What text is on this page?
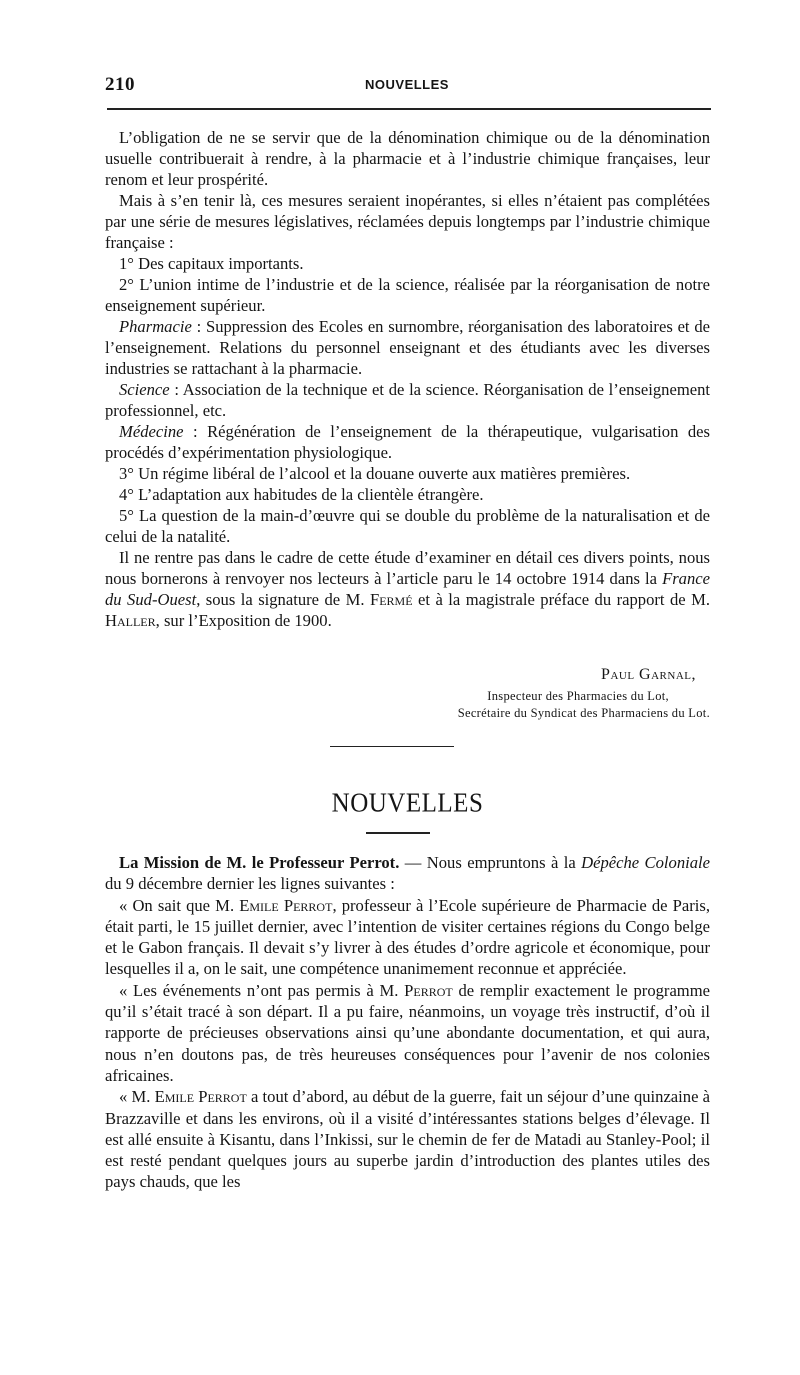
210	NOUVELLES

L’obligation de ne se servir que de la dénomination chimique ou de la dénomination usuelle contribuerait à rendre, à la pharmacie et à l’industrie chimique françaises, leur renom et leur prospérité.

Mais à s’en tenir là, ces mesures seraient inopérantes, si elles n’étaient pas complétées par une série de mesures législatives, réclamées depuis longtemps par l’industrie chimique française :

1° Des capitaux importants.

2° L’union intime de l’industrie et de la science, réalisée par la réorganisation de notre enseignement supérieur.

Pharmacie : Suppression des Ecoles en surnombre, réorganisation des laboratoires et de l’enseignement. Relations du personnel enseignant et des étudiants avec les diverses industries se rattachant à la pharmacie.

Science : Association de la technique et de la science. Réorganisation de l’enseignement professionnel, etc.

Médecine : Régénération de l’enseignement de la thérapeutique, vulgarisation des procédés d’expérimentation physiologique.

3° Un régime libéral de l’alcool et la douane ouverte aux matières premières.

4° L’adaptation aux habitudes de la clientèle étrangère.

5° La question de la main-d’œuvre qui se double du problème de la naturalisation et de celui de la natalité.

Il ne rentre pas dans le cadre de cette étude d’examiner en détail ces divers points, nous nous bornerons à renvoyer nos lecteurs à l’article paru le 14 octobre 1914 dans la France du Sud-Ouest, sous la signature de M. Fermé et à la magistrale préface du rapport de M. Haller, sur l’Exposition de 1900.

Paul Garnal,
Inspecteur des Pharmacies du Lot,
Secrétaire du Syndicat des Pharmaciens du Lot.
NOUVELLES

La Mission de M. le Professeur Perrot. — Nous empruntons à la Dépêche Coloniale du 9 décembre dernier les lignes suivantes :

« On sait que M. Emile Perrot, professeur à l’Ecole supérieure de Pharmacie de Paris, était parti, le 15 juillet dernier, avec l’intention de visiter certaines régions du Congo belge et le Gabon français. Il devait s’y livrer à des études d’ordre agricole et économique, pour lesquelles il a, on le sait, une compétence unanimement reconnue et appréciée.

« Les événements n’ont pas permis à M. Perrot de remplir exactement le programme qu’il s’était tracé à son départ. Il a pu faire, néanmoins, un voyage très instructif, d’où il rapporte de précieuses observations ainsi qu’une abondante documentation, et qui aura, nous n’en doutons pas, de très heureuses conséquences pour l’avenir de nos colonies africaines.

« M. Emile Perrot a tout d’abord, au début de la guerre, fait un séjour d’une quinzaine à Brazzaville et dans les environs, où il a visité d’intéressantes stations belges d’élevage. Il est allé ensuite à Kisantu, dans l’Inkissi, sur le chemin de fer de Matadi au Stanley-Pool; il est resté pendant quelques jours au superbe jardin d’introduction des plantes utiles des pays chauds, que les
